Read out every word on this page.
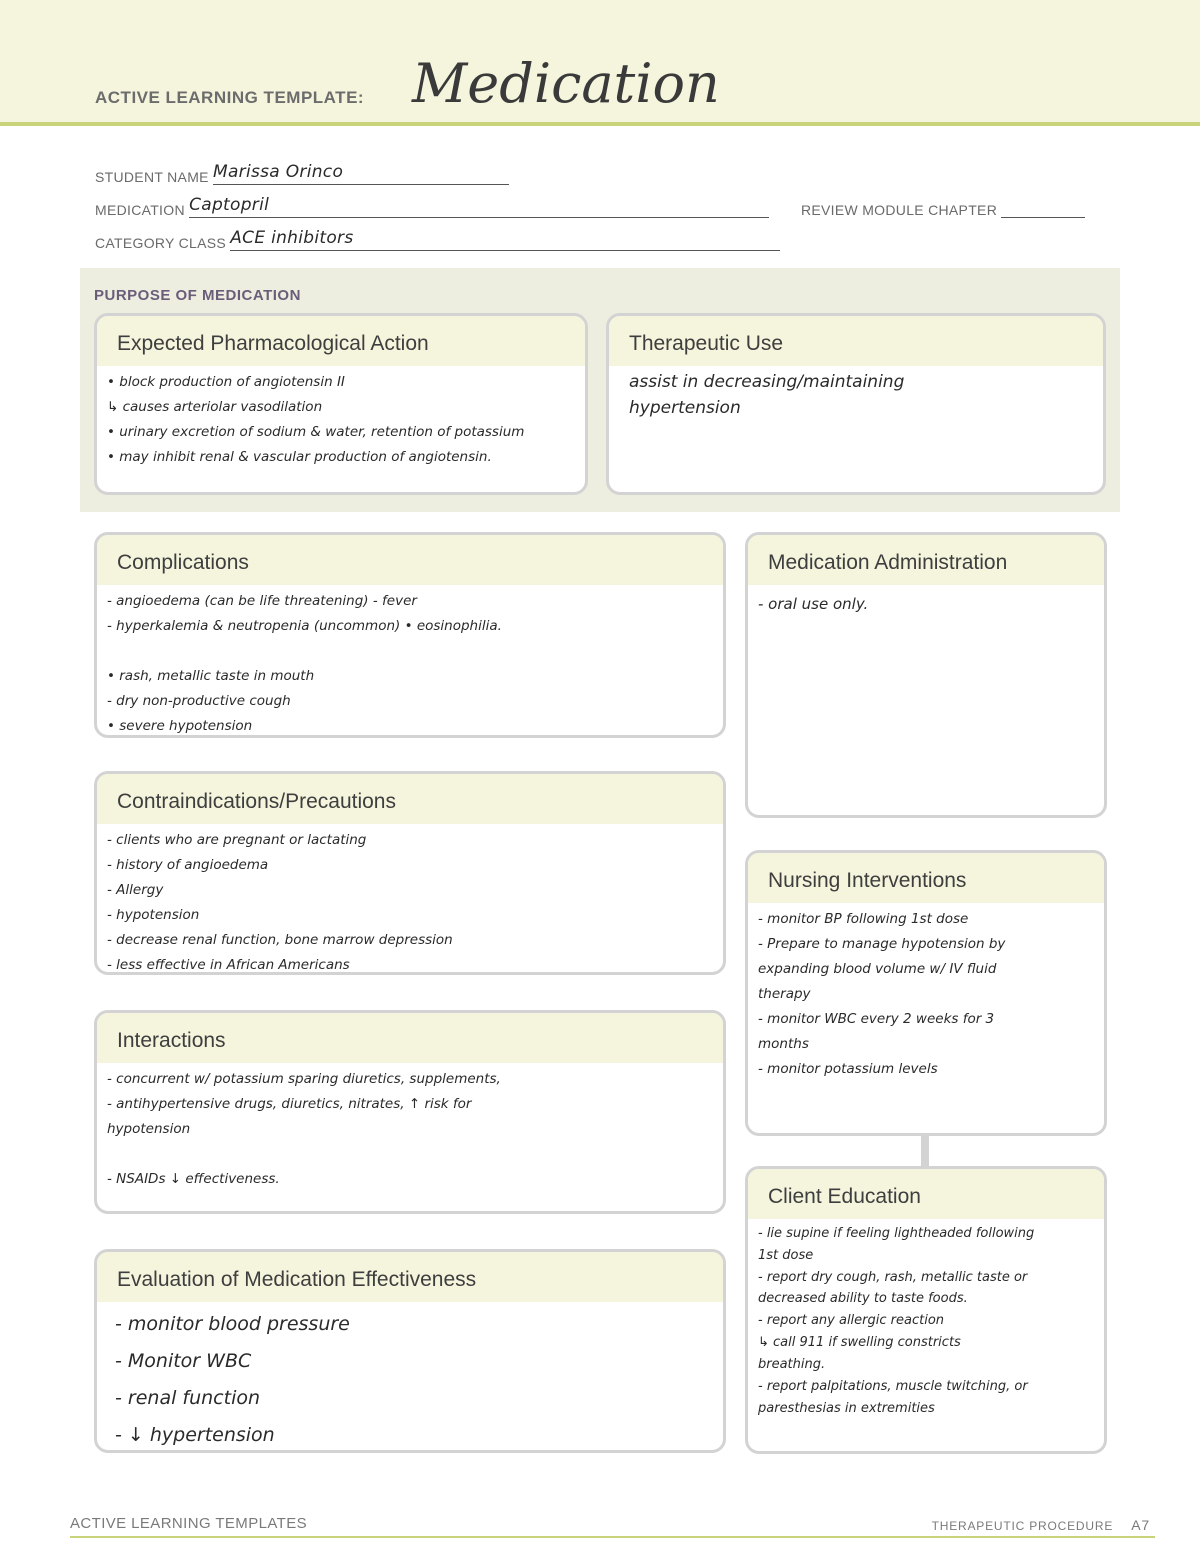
ACTIVE LEARNING TEMPLATE: Medication
STUDENT NAME Marissa Orinco
MEDICATION Captopril	REVIEW MODULE CHAPTER
CATEGORY CLASS ACE inhibitors
PURPOSE OF MEDICATION
Expected Pharmacological Action
• block production of angiotensin II
↳ causes arteriolar vasodilation
• urinary excretion of sodium & water, retention of potassium
• may inhibit renal & vascular production of angiotensin.
Therapeutic Use
assist in decreasing/maintaining
hypertension
Complications
- angioedema (can be life threatening) - fever
- hyperkalemia & neutropenia (uncommon) • eosinophilia.

• rash, metallic taste in mouth
- dry non-productive cough
• severe hypotension
Medication Administration
- oral use only.
Contraindications/Precautions
- clients who are pregnant or lactating
- history of angioedema
- Allergy
- hypotension
- decrease renal function, bone marrow depression
- less effective in African Americans
Nursing Interventions
- monitor BP following 1st dose
- Prepare to manage hypotension by
expanding blood volume w/ IV fluid
therapy
- monitor WBC every 2 weeks for 3
months
- monitor potassium levels
Interactions
- concurrent w/ potassium sparing diuretics, supplements,
- antihypertensive drugs, diuretics, nitrates, ↑ risk for
hypotension

- NSAIDs ↓ effectiveness.
Client Education
- lie supine if feeling lightheaded following
1st dose
- report dry cough, rash, metallic taste or
decreased ability to taste foods.
- report any allergic reaction
↳ call 911 if swelling constricts
breathing.
- report palpitations, muscle twitching, or
paresthesias in extremities
Evaluation of Medication Effectiveness
- monitor blood pressure
- Monitor WBC
- renal function
- ↓ hypertension
ACTIVE LEARNING TEMPLATES	THERAPEUTIC PROCEDURE A7
